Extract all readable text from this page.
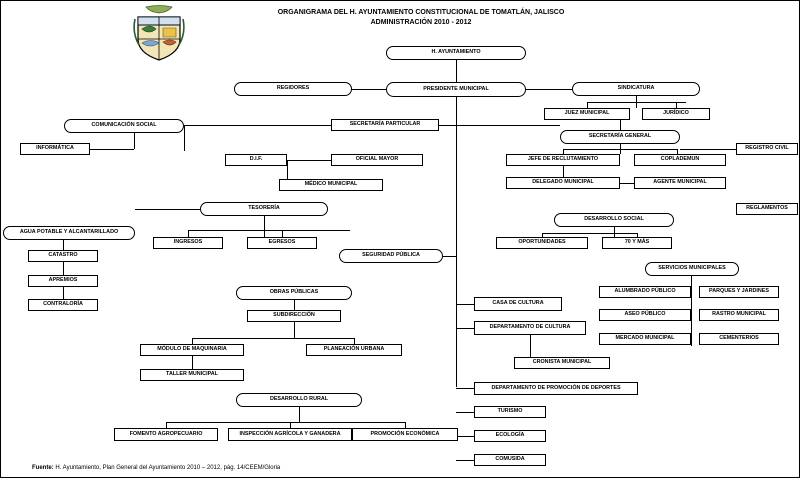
ORGANIGRAMA DEL H. AYUNTAMIENTO CONSTITUCIONAL DE TOMATLÁN, JALISCO
ADMINISTRACIÓN 2010 - 2012
H. AYUNTAMIENTO
REGIDORES	PRESIDENTE MUNICIPAL	SINDICATURA
JUEZ MUNICIPAL	JURÍDICO
COMUNICACIÓN SOCIAL	SECRETARÍA PARTICULAR
SECRETARÍA GENERAL
REGISTRO CIVIL
INFORMÁTICA
D.I.F.	OFICIAL MAYOR	JEFE DE RECLUTAMIENTO	COPLADEMUN
MÉDICO MUNICIPAL	DELEGADO MUNICIPAL	AGENTE MUNICIPAL
TESORERÍA
DESARROLLO SOCIAL
REGLAMENTOS
AGUA POTABLE Y ALCANTARILLADO
INGRESOS	EGRESOS
SEGURIDAD PÚBLICA
OPORTUNIDADES	70 Y MÁS
CATASTRO
SERVICIOS MUNICIPALES
APREMIOS
OBRAS PÚBLICAS	ALUMBRADO PÚBLICO	PARQUES Y JARDINES
CASA DE CULTURA
CONTRALORÍA
ASEO PÚBLICO	RASTRO MUNICIPAL
SUBDIRECCIÓN
DEPARTAMENTO DE CULTURA
MERCADO MUNICIPAL	CEMENTERIOS
MÓDULO DE MAQUINARIA	PLANEACIÓN URBANA
CRONISTA MUNICIPAL
TALLER MUNICIPAL
DEPARTAMENTO DE PROMOCIÓN DE DEPORTES
DESARROLLO RURAL
TURISMO
FOMENTO AGROPECUARIO	INSPECCIÓN AGRÍCOLA Y GANADERA	PROMOCIÓN ECONÓMICA	ECOLOGÍA
COMUSIDA
Fuente: H. Ayuntamiento, Plan General del Ayuntamiento 2010 – 2012, pág. 14/CEEM/Gloria
